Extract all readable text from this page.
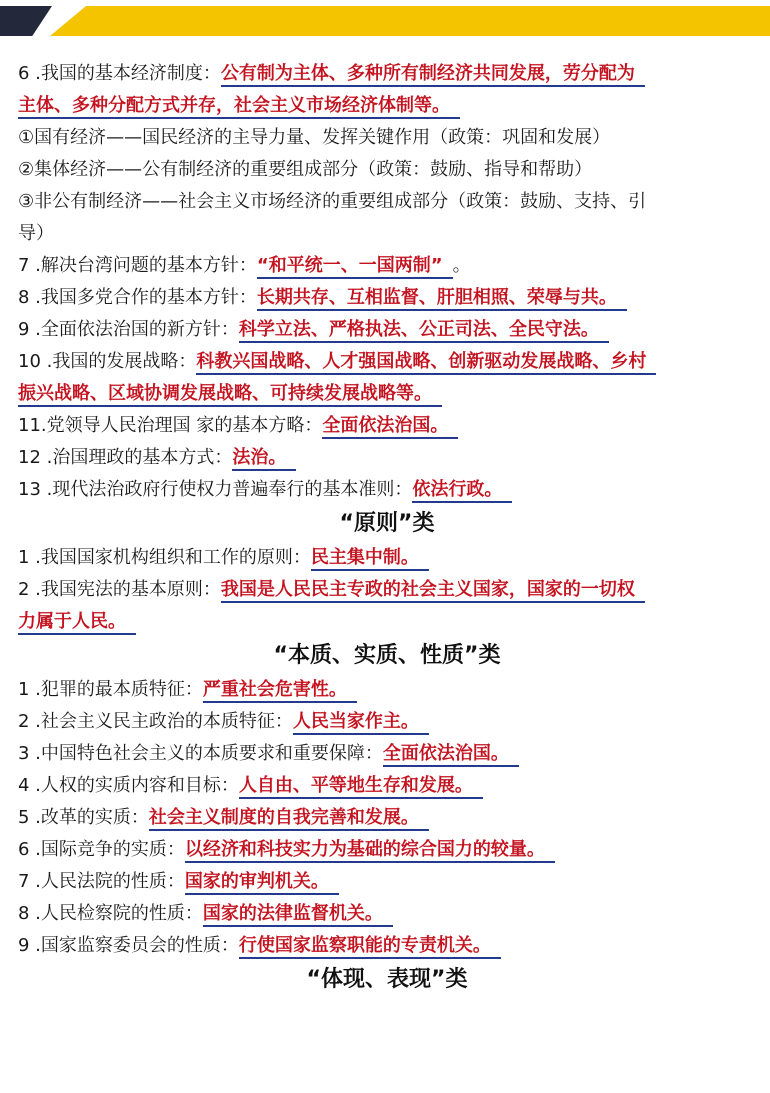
6 .我国的基本经济制度：公有制为主体、多种所有制经济共同发展，劳分配为
主体、多种分配方式并存，社会主义市场经济体制等。
①国有经济——国民经济的主导力量、发挥关键作用（政策：巩固和发展）
②集体经济——公有制经济的重要组成部分（政策：鼓励、指导和帮助）
③非公有制经济——社会主义市场经济的重要组成部分（政策：鼓励、支持、引
导）
7 .解决台湾问题的基本方针：“和平统一、一国两制” 。
8 .我国多党合作的基本方针：长期共存、互相监督、肝胆相照、荣辱与共。
9 .全面依法治国的新方针：科学立法、严格执法、公正司法、全民守法。
10 .我国的发展战略：科教兴国战略、人才强国战略、创新驱动发展战略、乡村
振兴战略、区域协调发展战略、可持续发展战略等。
11.党领导人民治理国 家的基本方略：全面依法治国。
12 .治国理政的基本方式：法治。
13 .现代法治政府行使权力普遍奉行的基本准则：依法行政。
“原则”类
1 .我国国家机构组织和工作的原则：民主集中制。
2 .我国宪法的基本原则：我国是人民民主专政的社会主义国家，国家的一切权
力属于人民。
“本质、实质、性质”类
1 .犯罪的最本质特征：严重社会危害性。
2 .社会主义民主政治的本质特征：人民当家作主。
3 .中国特色社会主义的本质要求和重要保障：全面依法治国。
4 .人权的实质内容和目标：人自由、平等地生存和发展。
5 .改革的实质：社会主义制度的自我完善和发展。
6 .国际竞争的实质：以经济和科技实力为基础的综合国力的较量。
7 .人民法院的性质：国家的审判机关。
8 .人民检察院的性质：国家的法律监督机关。
9 .国家监察委员会的性质：行使国家监察职能的专责机关。
“体现、表现”类
